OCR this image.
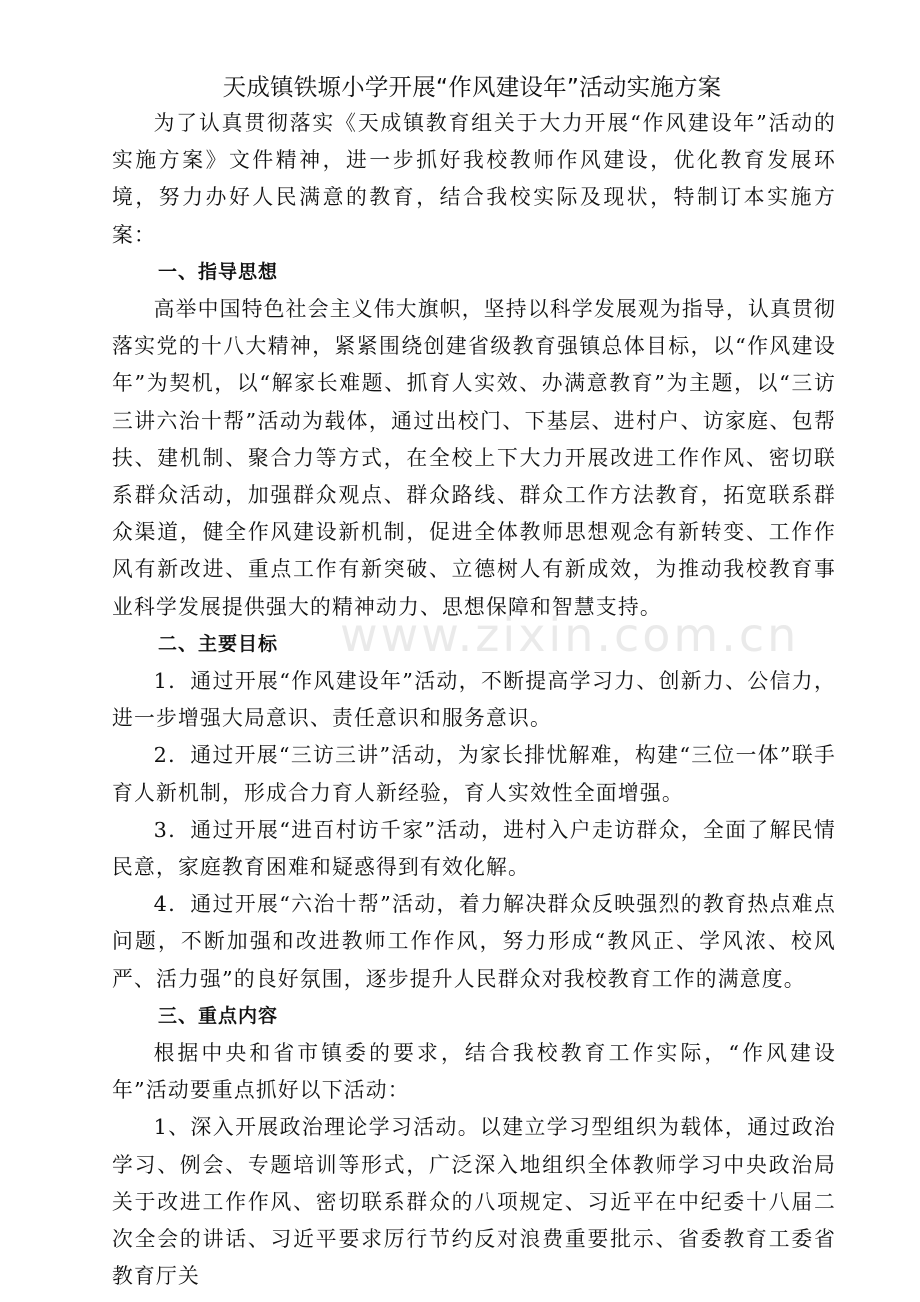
天成镇铁塬小学开展“作风建设年”活动实施方案

为了认真贯彻落实《天成镇教育组关于大力开展“作风建设年”活动的实施方案》文件精神，进一步抓好我校教师作风建设，优化教育发展环境，努力办好人民满意的教育，结合我校实际及现状，特制订本实施方案：

一、指导思想

高举中国特色社会主义伟大旗帜，坚持以科学发展观为指导，认真贯彻落实党的十八大精神，紧紧围绕创建省级教育强镇总体目标，以“作风建设年”为契机，以“解家长难题、抓育人实效、办满意教育”为主题，以“三访三讲六治十帮”活动为载体，通过出校门、下基层、进村户、访家庭、包帮扶、建机制、聚合力等方式，在全校上下大力开展改进工作作风、密切联系群众活动，加强群众观点、群众路线、群众工作方法教育，拓宽联系群众渠道，健全作风建设新机制，促进全体教师思想观念有新转变、工作作风有新改进、重点工作有新突破、立德树人有新成效，为推动我校教育事业科学发展提供强大的精神动力、思想保障和智慧支持。

二、主要目标

1．通过开展“作风建设年”活动，不断提高学习力、创新力、公信力，进一步增强大局意识、责任意识和服务意识。

2．通过开展“三访三讲”活动，为家长排忧解难，构建“三位一体”联手育人新机制，形成合力育人新经验，育人实效性全面增强。

3．通过开展“进百村访千家”活动，进村入户走访群众，全面了解民情民意，家庭教育困难和疑惑得到有效化解。

4．通过开展“六治十帮”活动，着力解决群众反映强烈的教育热点难点问题，不断加强和改进教师工作作风，努力形成“教风正、学风浓、校风严、活力强”的良好氛围，逐步提升人民群众对我校教育工作的满意度。

三、重点内容

根据中央和省市镇委的要求，结合我校教育工作实际，“作风建设年”活动要重点抓好以下活动：

1、深入开展政治理论学习活动。以建立学习型组织为载体，通过政治学习、例会、专题培训等形式，广泛深入地组织全体教师学习中央政治局关于改进工作作风、密切联系群众的八项规定、习近平在中纪委十八届二次全会的讲话、习近平要求厉行节约反对浪费重要批示、省委教育工委省教育厅关

www.zixin.com.cn
